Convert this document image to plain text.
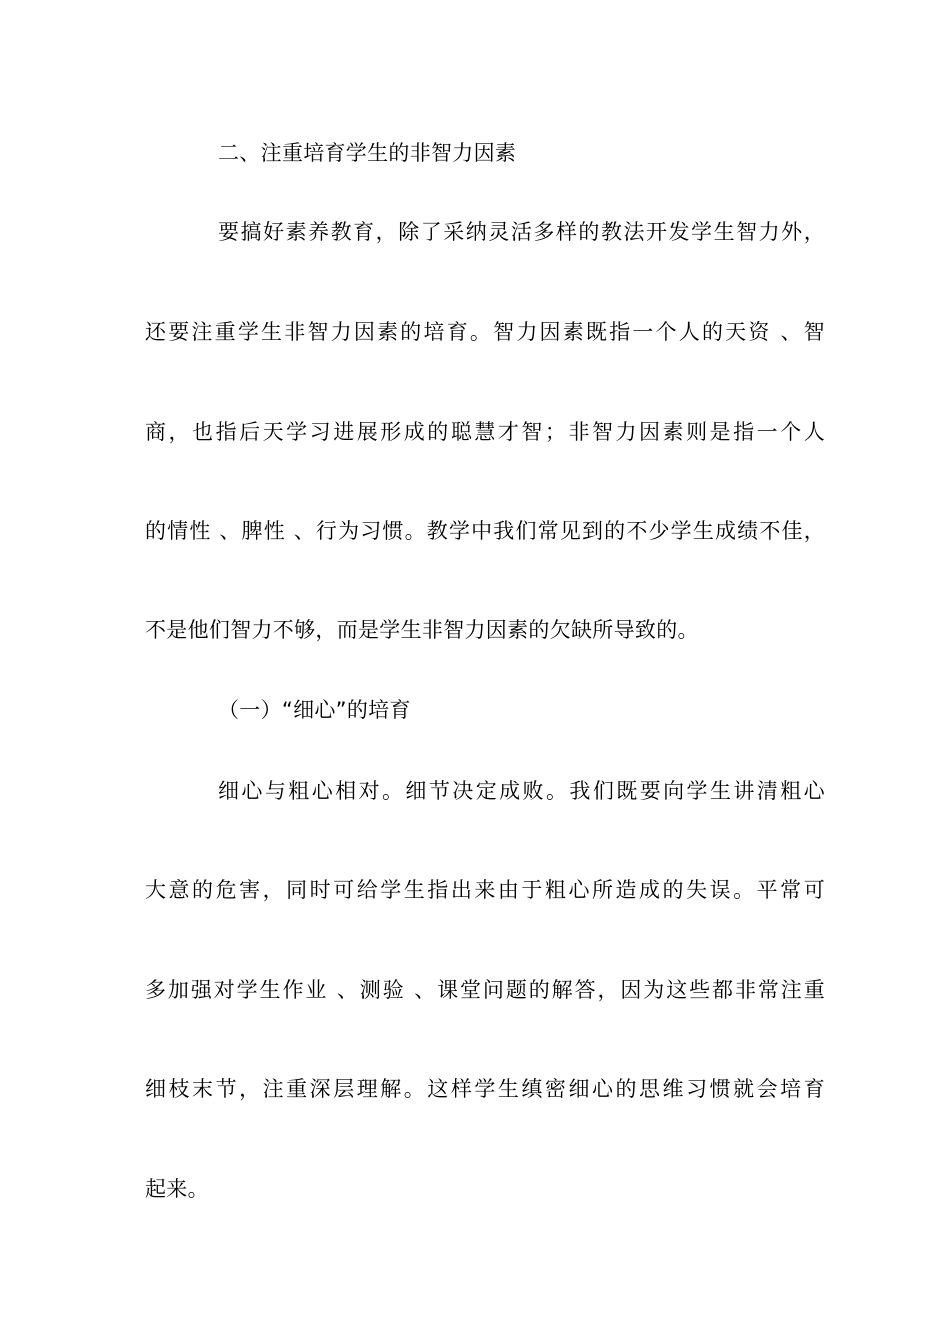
二、注重培育学生的非智力因素
要搞好素养教育，除了采纳灵活多样的教法开发学生智力外，
还要注重学生非智力因素的培育。智力因素既指一个人的天资 、智
商，也指后天学习进展形成的聪慧才智；非智力因素则是指一个人
的情性 、脾性 、行为习惯。教学中我们常见到的不少学生成绩不佳，
不是他们智力不够，而是学生非智力因素的欠缺所导致的。
（一）“细心”的培育
细心与粗心相对。细节决定成败。我们既要向学生讲清粗心
大意的危害，同时可给学生指出来由于粗心所造成的失误。平常可
多加强对学生作业 、测验 、课堂问题的解答，因为这些都非常注重
细枝末节，注重深层理解。这样学生缜密细心的思维习惯就会培育
起来。
